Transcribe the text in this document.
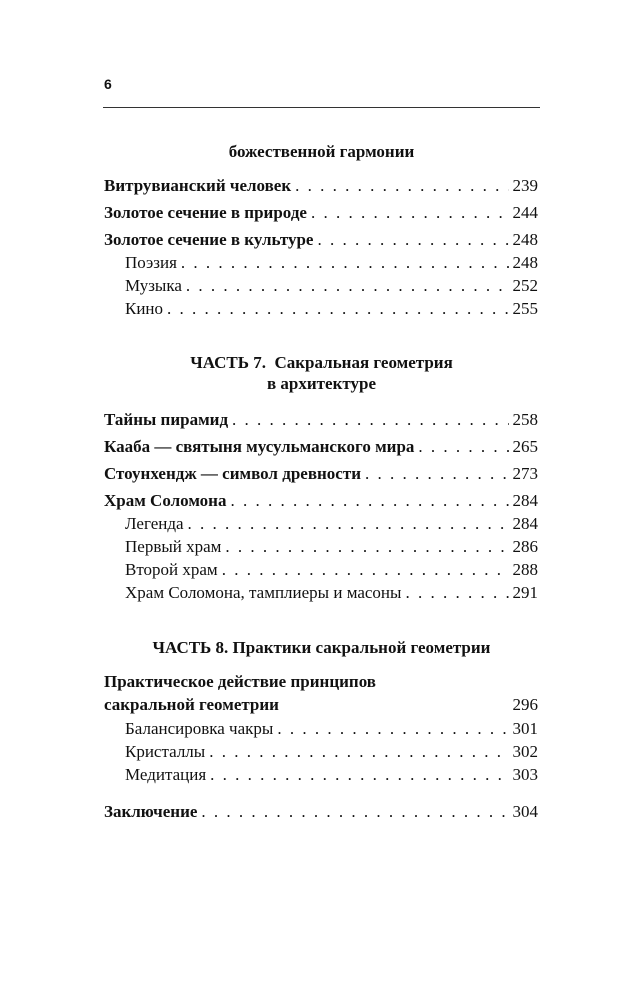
6
божественной гармонии
Витрувианский человек . . .	239
Золотое сечение в природе . . .	244
Золотое сечение в культуре . . .	248
Поэзия . . .	248
Музыка . . .	252
Кино . . .	255
ЧАСТЬ 7.  Сакральная геометрия
в архитектуре
Тайны пирамид . . .	258
Кааба — святыня мусульманского мира . . .	265
Стоунхендж — символ древности . . .	273
Храм Соломона . . .	284
Легенда . . .	284
Первый храм . . .	286
Второй храм . . .	288
Храм Соломона, тамплиеры и масоны . . .	291
ЧАСТЬ 8. Практики сакральной геометрии
Практическое действие принципов
сакральной геометрии	296
Балансировка чакры . . .	301
Кристаллы . . .	302
Медитация . . .	303
Заключение . . .	304
